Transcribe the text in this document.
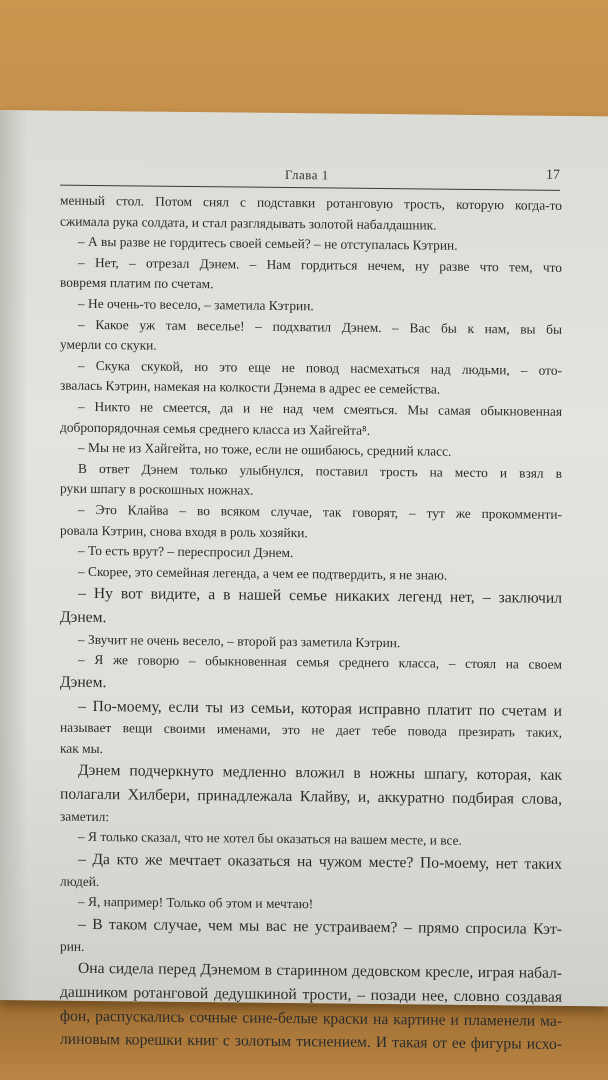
Глава 1	17
менный стол. Потом снял с подставки ротанговую трость, которую когда-то
сжимала рука солдата, и стал разглядывать золотой набалдашник.
– А вы разве не гордитесь своей семьей? – не отступалась Кэтрин.
– Нет, – отрезал Дэнем. – Нам гордиться нечем, ну разве что тем, что
вовремя платим по счетам.
– Не очень-то весело, – заметила Кэтрин.
– Какое уж там веселье! – подхватил Дэнем. – Вас бы к нам, вы бы
умерли со скуки.
– Скука скукой, но это еще не повод насмехаться над людьми, – ото-
звалась Кэтрин, намекая на колкости Дэнема в адрес ее семейства.
– Никто не смеется, да и не над чем смеяться. Мы самая обыкновенная
добропорядочная семья среднего класса из Хайгейта⁸.
– Мы не из Хайгейта, но тоже, если не ошибаюсь, средний класс.
В ответ Дэнем только улыбнулся, поставил трость на место и взял в
руки шпагу в роскошных ножнах.
– Это Клайва – во всяком случае, так говорят, – тут же прокомменти-
ровала Кэтрин, снова входя в роль хозяйки.
– То есть врут? – переспросил Дэнем.
– Скорее, это семейная легенда, а чем ее подтвердить, я не знаю.
– Ну вот видите, а в нашей семье никаких легенд нет, – заключил
Дэнем.
– Звучит не очень весело, – второй раз заметила Кэтрин.
– Я же говорю – обыкновенная семья среднего класса, – стоял на своем
Дэнем.
– По-моему, если ты из семьи, которая исправно платит по счетам и
называет вещи своими именами, это не дает тебе повода презирать таких,
как мы.
Дэнем подчеркнуто медленно вложил в ножны шпагу, которая, как
полагали Хилбери, принадлежала Клайву, и, аккуратно подбирая слова,
заметил:
– Я только сказал, что не хотел бы оказаться на вашем месте, и все.
– Да кто же мечтает оказаться на чужом месте? По-моему, нет таких
людей.
– Я, например! Только об этом и мечтаю!
– В таком случае, чем мы вас не устраиваем? – прямо спросила Кэт-
рин.
Она сидела перед Дэнемом в старинном дедовском кресле, играя набал-
дашником ротанговой дедушкиной трости, – позади нее, словно создавая
фон, распускались сочные сине-белые краски на картине и пламенели ма-
линовым корешки книг с золотым тиснением. И такая от ее фигуры исхо-
